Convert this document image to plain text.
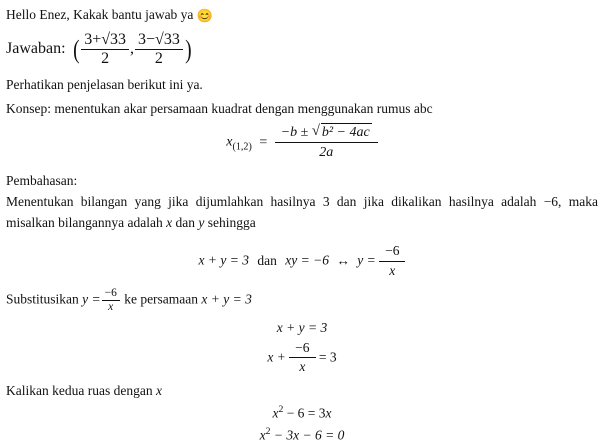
Hello Enez, Kakak bantu jawab ya 😊
Jawaban: ( $\frac{3+√33}{2}$ , $\frac{3-√33}{2}$ )
Perhatikan penjelasan berikut ini ya.
Konsep: menentukan akar persamaan kuadrat dengan menggunakan rumus abc
$x_{(1,2)} = \frac{\text{−b ± √ b² − 4ac}}{2a}$
Pembahasan:
Menentukan bilangan yang jika dijumlahkan hasilnya 3 dan jika dikalikan hasilnya adalah −6, maka misalkan bilangannya adalah x dan y sehingga
x + y = 3 dan xy = −6 ↔ $y = \frac{-6}{x}$
Substitusikan $y = \frac{-6}{x}$ ke persamaan x + y = 3
x + y = 3
$x + \frac{-6}{x} = 3$
Kalikan kedua ruas dengan x
$x^2 - 6 = 3x$
$x^2 - 3x - 6 = 0$
